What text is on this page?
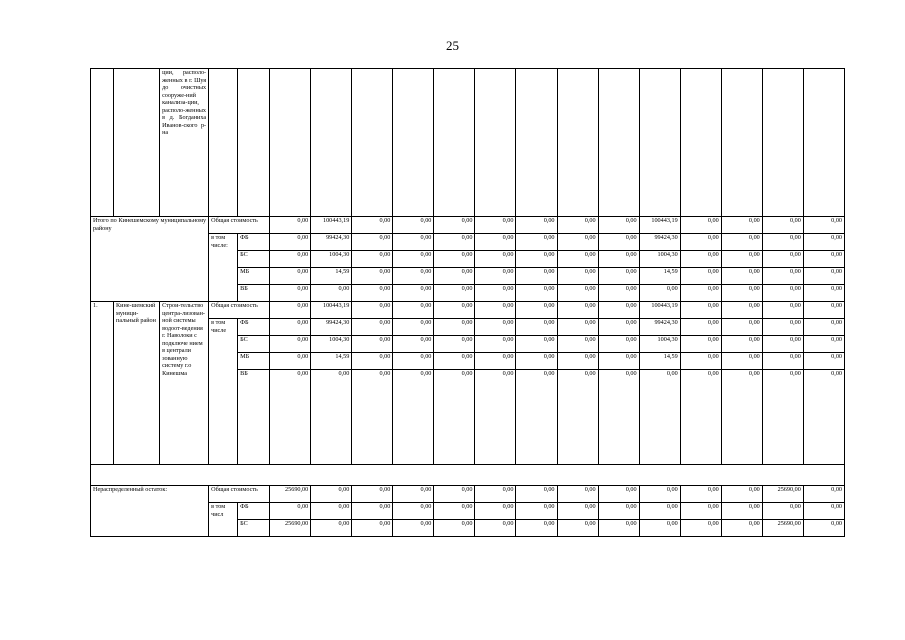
25
		ции, располо-женных в г. Шуя до очистных сооруже-ний канализа-ции, располо-женных в д. Богданиха Иванов-ского р-на																
Итого по Кинешемскому муниципальному району			Общая стоимость		0,00	100443,19	0,00	0,00	0,00	0,00	0,00	0,00	0,00	100443,19	0,00	0,00	0,00	0,00
			в том числе:	ФБ	0,00	99424,30	0,00	0,00	0,00	0,00	0,00	0,00	0,00	99424,30	0,00	0,00	0,00	0,00
				БС	0,00	1004,30	0,00	0,00	0,00	0,00	0,00	0,00	0,00	1004,30	0,00	0,00	0,00	0,00
				МБ	0,00	14,59	0,00	0,00	0,00	0,00	0,00	0,00	0,00	14,59	0,00	0,00	0,00	0,00
				ВБ	0,00	0,00	0,00	0,00	0,00	0,00	0,00	0,00	0,00	0,00	0,00	0,00	0,00	0,00
1.	Кине-шемский муници-пальный район	Строи-тельство центра-лизован-ной системы водоот-ведения г. Наволоки с подключе нием в централи зованную систему г.о Кинешма	Общая стоимость		0,00	100443,19	0,00	0,00	0,00	0,00	0,00	0,00	0,00	100443,19	0,00	0,00	0,00	0,00
			в том числе	ФБ	0,00	99424,30	0,00	0,00	0,00	0,00	0,00	0,00	0,00	99424,30	0,00	0,00	0,00	0,00
				БС	0,00	1004,30	0,00	0,00	0,00	0,00	0,00	0,00	0,00	1004,30	0,00	0,00	0,00	0,00
				МБ	0,00	14,59	0,00	0,00	0,00	0,00	0,00	0,00	0,00	14,59	0,00	0,00	0,00	0,00
				ВБ	0,00	0,00	0,00	0,00	0,00	0,00	0,00	0,00	0,00	0,00	0,00	0,00	0,00	0,00

Нераспределенный остаток:			Общая стоимость		25690,00	0,00	0,00	0,00	0,00	0,00	0,00	0,00	0,00	0,00	0,00	0,00	25690,00	0,00
			в том числ	ФБ	0,00	0,00	0,00	0,00	0,00	0,00	0,00	0,00	0,00	0,00	0,00	0,00	0,00	0,00
				БС	25690,00	0,00	0,00	0,00	0,00	0,00	0,00	0,00	0,00	0,00	0,00	0,00	25690,00	0,00
